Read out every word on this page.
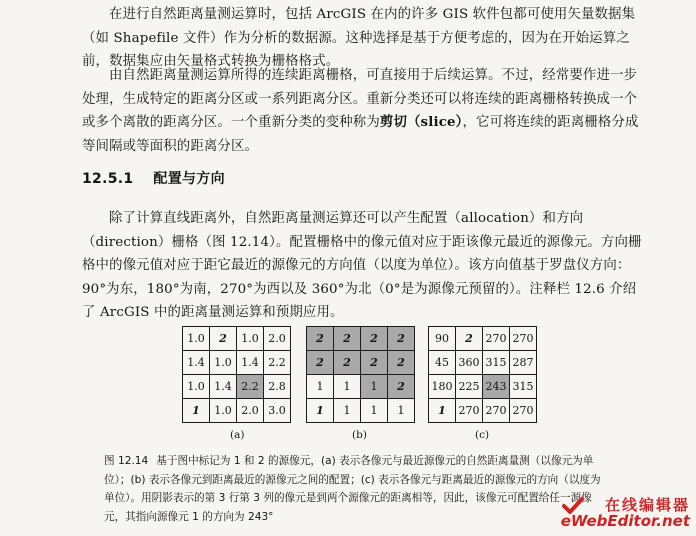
在进行自然距离量测运算时，包括 ArcGIS 在内的许多 GIS 软件包都可使用矢量数据集（如 Shapefile 文件）作为分析的数据源。这种选择是基于方便考虑的，因为在开始运算之前，数据集应由矢量格式转换为栅格格式。

由自然距离量测运算所得的连续距离栅格，可直接用于后续运算。不过，经常要作进一步处理，生成特定的距离分区或一系列距离分区。重新分类还可以将连续的距离栅格转换成一个或多个离散的距离分区。一个重新分类的变种称为剪切（slice），它可将连续的距离栅格分成等间隔或等面积的距离分区。

12.5.1 配置与方向

除了计算直线距离外，自然距离量测运算还可以产生配置（allocation）和方向（direction）栅格（图 12.14）。配置栅格中的像元值对应于距该像元最近的源像元。方向栅格中的像元值对应于距它最近的源像元的方向值（以度为单位）。该方向值基于罗盘仪方向：90°为东，180°为南，270°为西以及 360°为北（0°是为源像元预留的）。注释栏 12.6 介绍了 ArcGIS 中的距离量测运算和预期应用。

1.0	2	1.0	2.0
1.4	1.0	1.4	2.2
1.0	1.4	2.2	2.8
1	1.0	2.0	3.0
(a)
2	2	2	2
2	2	2	2
1	1	1	2
1	1	1	1
(b)
90	2	270	270
45	360	315	287
180	225	243	315
1	270	270	270
(c)

图 12.14 基于图中标记为 1 和 2 的源像元，(a) 表示各像元与最近源像元的自然距离量测（以像元为单位）；(b) 表示各像元到距离最近的源像元之间的配置；(c) 表示各像元与距离最近的源像元的方向（以度为单位）。用阴影表示的第 3 行第 3 列的像元是到两个源像元的距离相等，因此，该像元可配置给任一源像元，其指向源像元 1 的方向为 243°

在线编辑器
eWebEditor.net
